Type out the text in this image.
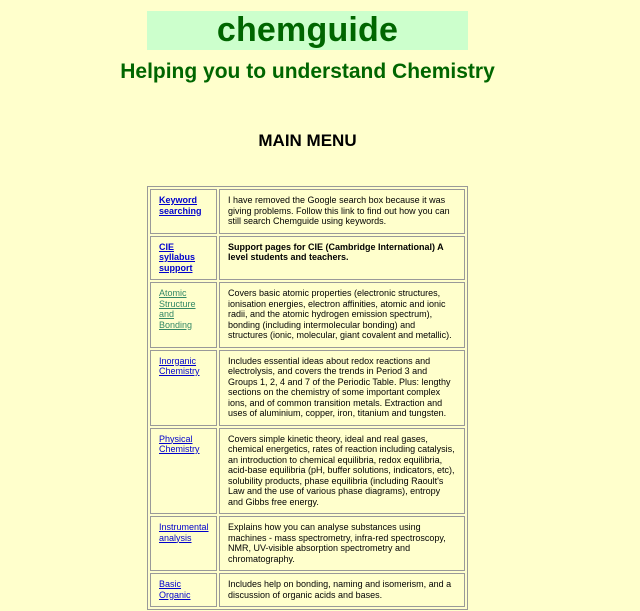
chemguide
Helping you to understand Chemistry
MAIN MENU
Keyword searching	I have removed the Google search box because it was giving problems. Follow this link to find out how you can still search Chemguide using keywords.
CIE syllabus support	Support pages for CIE (Cambridge International) A level students and teachers.
Atomic Structure and Bonding	Covers basic atomic properties (electronic structures, ionisation energies, electron affinities, atomic and ionic radii, and the atomic hydrogen emission spectrum), bonding (including intermolecular bonding) and structures (ionic, molecular, giant covalent and metallic).
Inorganic Chemistry	Includes essential ideas about redox reactions and electrolysis, and covers the trends in Period 3 and Groups 1, 2, 4 and 7 of the Periodic Table. Plus: lengthy sections on the chemistry of some important complex ions, and of common transition metals. Extraction and uses of aluminium, copper, iron, titanium and tungsten.
Physical Chemistry	Covers simple kinetic theory, ideal and real gases, chemical energetics, rates of reaction including catalysis, an introduction to chemical equilibria, redox equilibria, acid-base equilibria (pH, buffer solutions, indicators, etc), solubility products, phase equilibria (including Raoult's Law and the use of various phase diagrams), entropy and Gibbs free energy.
Instrumental analysis	Explains how you can analyse substances using machines - mass spectrometry, infra-red spectroscopy, NMR, UV-visible absorption spectrometry and chromatography.
Basic Organic	Includes help on bonding, naming and isomerism, and a discussion of organic acids and bases.
